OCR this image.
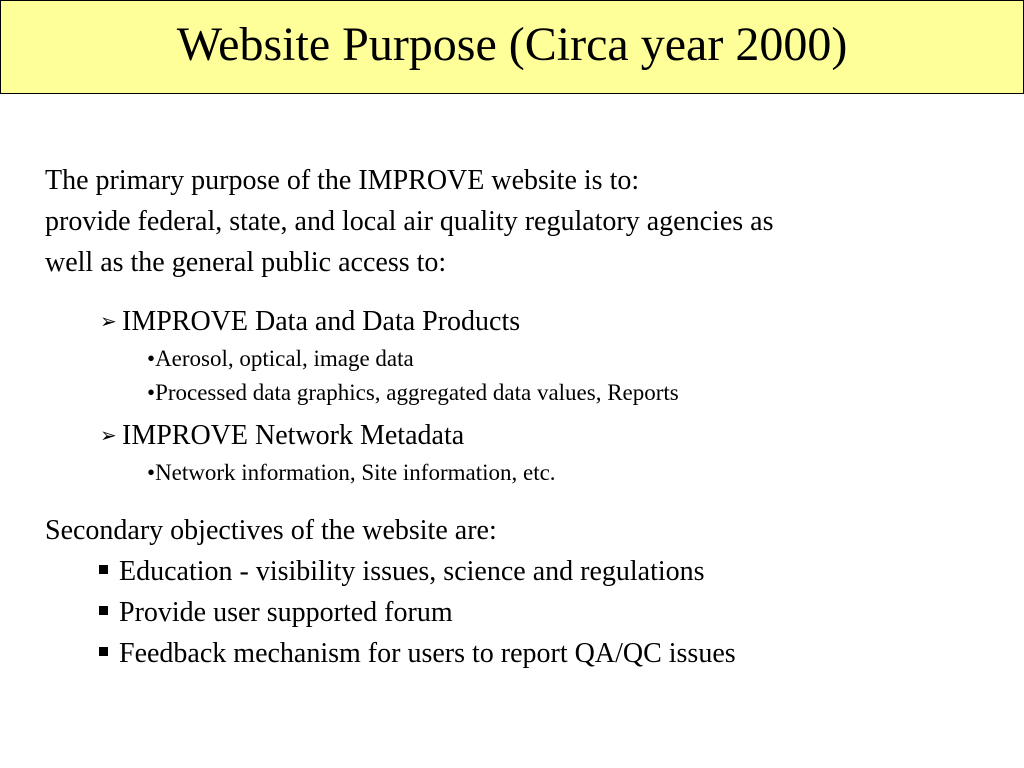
Website Purpose (Circa year 2000)
The primary purpose of the IMPROVE website is to:
provide federal, state, and local air quality regulatory agencies as
well as the general public access to:
➢ IMPROVE Data and Data Products
•Aerosol, optical, image data
•Processed data graphics, aggregated data values, Reports
➢ IMPROVE Network Metadata
•Network information, Site information, etc.
Secondary objectives of the website are:
Education - visibility issues, science and regulations
Provide user supported forum
Feedback mechanism for users to report QA/QC issues
